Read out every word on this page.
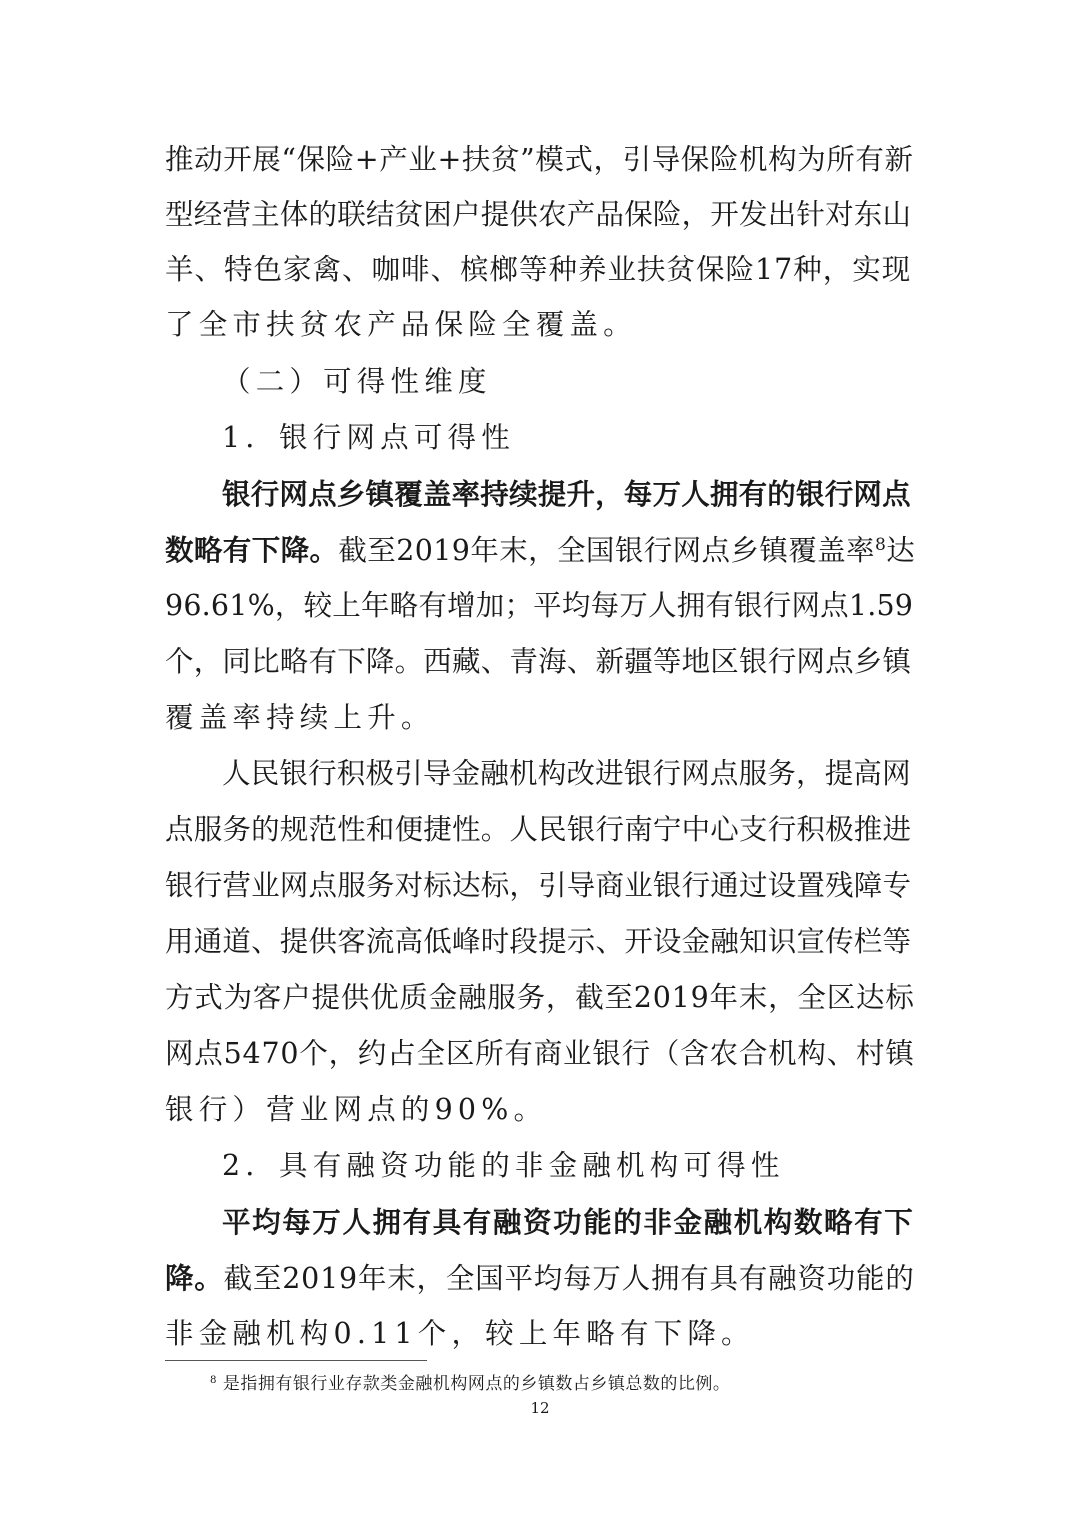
推动开展“保险+产业+扶贫”模式，引导保险机构为所有新
型经营主体的联结贫困户提供农产品保险，开发出针对东山
羊、特色家禽、咖啡、槟榔等种养业扶贫保险17种，实现
了全市扶贫农产品保险全覆盖。
（二）可得性维度
1．银行网点可得性
银行网点乡镇覆盖率持续提升，每万人拥有的银行网点
数略有下降。截至2019年末，全国银行网点乡镇覆盖率$^8$达
96.61%，较上年略有增加；平均每万人拥有银行网点1.59
个，同比略有下降。西藏、青海、新疆等地区银行网点乡镇
覆盖率持续上升。
人民银行积极引导金融机构改进银行网点服务，提高网
点服务的规范性和便捷性。人民银行南宁中心支行积极推进
银行营业网点服务对标达标，引导商业银行通过设置残障专
用通道、提供客流高低峰时段提示、开设金融知识宣传栏等
方式为客户提供优质金融服务，截至2019年末，全区达标
网点5470个，约占全区所有商业银行（含农合机构、村镇
银行）营业网点的90%。
2．具有融资功能的非金融机构可得性
平均每万人拥有具有融资功能的非金融机构数略有下
降。截至2019年末，全国平均每万人拥有具有融资功能的
非金融机构0.11个，较上年略有下降。
$^8$ 是指拥有银行业存款类金融机构网点的乡镇数占乡镇总数的比例。
12
